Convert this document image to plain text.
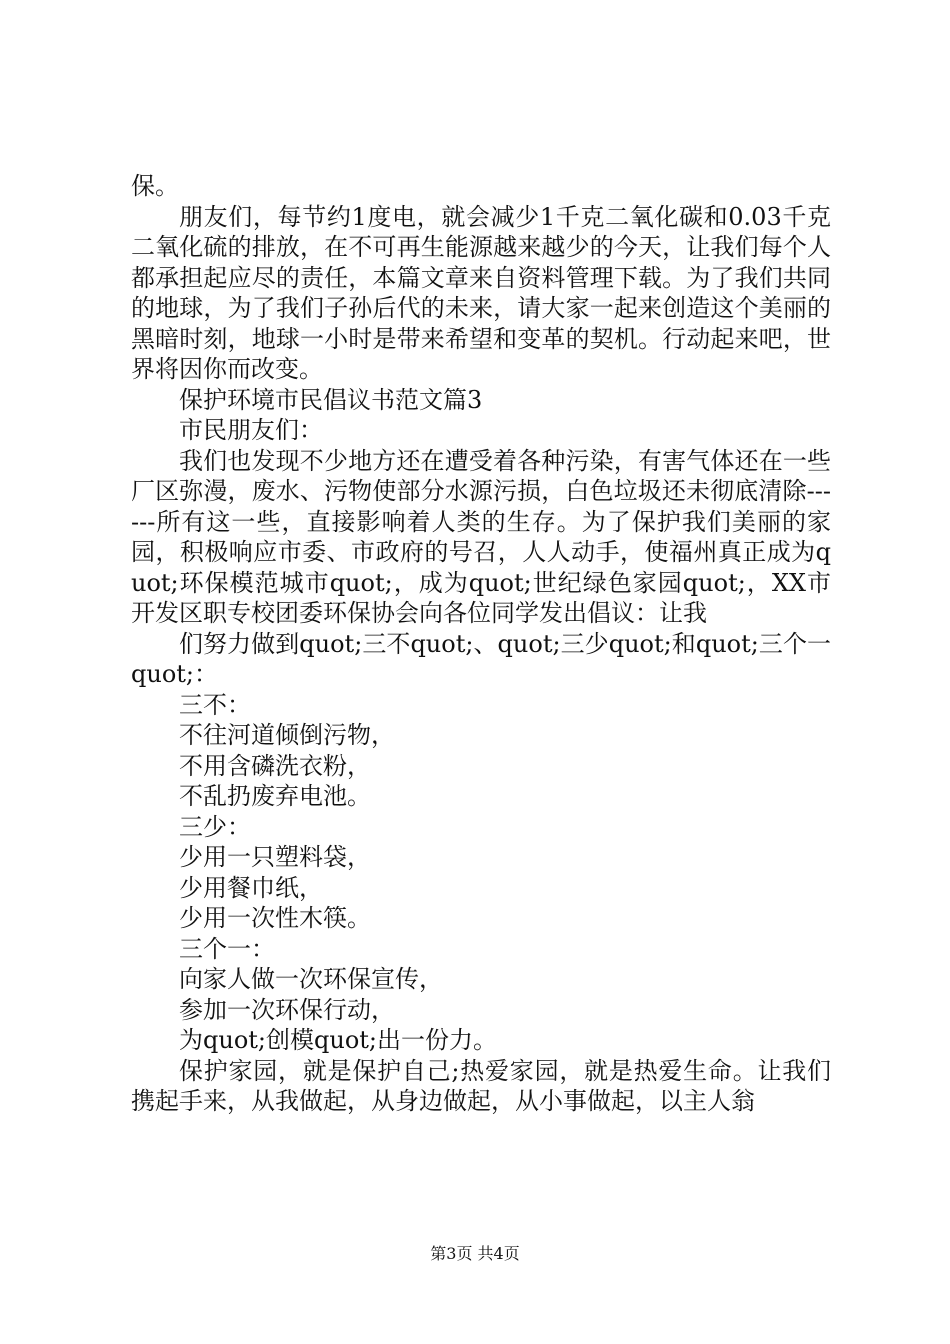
保。

朋友们，每节约1度电，就会减少1千克二氧化碳和0.03千克二氧化硫的排放，在不可再生能源越来越少的今天，让我们每个人都承担起应尽的责任，本篇文章来自资料管理下载。为了我们共同的地球，为了我们子孙后代的未来，请大家一起来创造这个美丽的黑暗时刻，地球一小时是带来希望和变革的契机。行动起来吧，世界将因你而改变。

保护环境市民倡议书范文篇3

市民朋友们：

我们也发现不少地方还在遭受着各种污染，有害气体还在一些厂区弥漫，废水、污物使部分水源污损，白色垃圾还未彻底清除------所有这一些，直接影响着人类的生存。为了保护我们美丽的家园，积极响应市委、市政府的号召，人人动手，使福州真正成为quot;环保模范城市quot;，成为quot;世纪绿色家园quot;，XX市开发区职专校团委环保协会向各位同学发出倡议：让我

们努力做到quot;三不quot;、quot;三少quot;和quot;三个一quot;：

三不：

不往河道倾倒污物，

不用含磷洗衣粉，

不乱扔废弃电池。

三少：

少用一只塑料袋，

少用餐巾纸，

少用一次性木筷。

三个一：

向家人做一次环保宣传，

参加一次环保行动，

为quot;创模quot;出一份力。

保护家园，就是保护自己;热爱家园，就是热爱生命。让我们携起手来，从我做起，从身边做起，从小事做起，以主人翁

第3页 共4页
